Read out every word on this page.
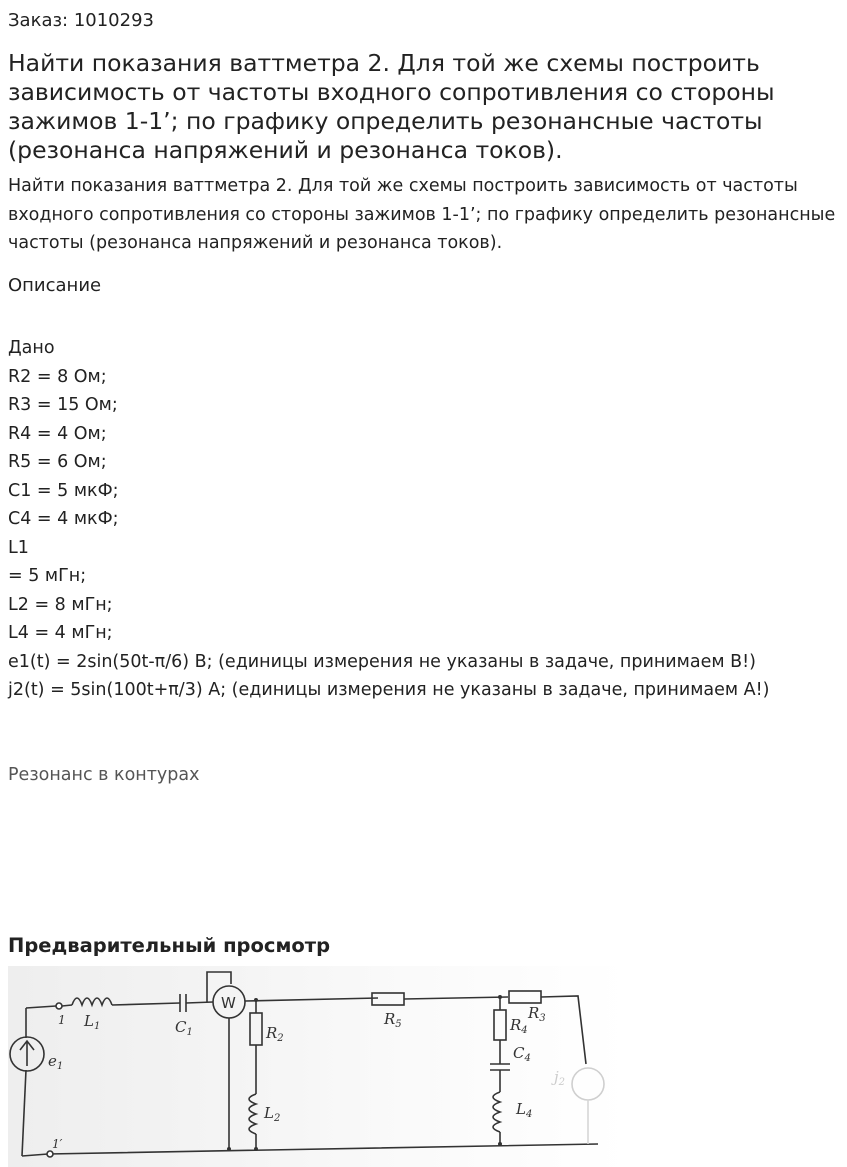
Заказ: 1010293
Найти показания ваттметра 2. Для той же схемы построить зависимость от частоты входного сопротивления со стороны зажимов 1-1’; по графику определить резонансные частоты (резонанса напряжений и резонанса токов).

Найти показания ваттметра 2. Для той же схемы построить зависимость от частоты входного сопротивления со стороны зажимов 1-1’; по графику определить резонансные частоты (резонанса напряжений и резонанса токов).

Описание
Дано
R2 = 8 Ом;
R3 = 15 Ом;
R4 = 4 Ом;
R5 = 6 Ом;
C1 = 5 мкФ;
C4 = 4 мкФ;
L1
= 5 мГн;
L2 = 8 мГн;
L4 = 4 мГн;
e1(t) = 2sin(50t-π/6) В; (единицы измерения не указаны в задаче, принимаем В!)
j2(t) = 5sin(100t+π/3) А; (единицы измерения не указаны в задаче, принимаем А!)
Резонанс в контурах
Предварительный просмотр
1
1′
$e_1$
$L_1$	$C_1$
W
$R_2$
$L_2$
$R_5$	$R_4$
$C_4$
$L_4$
$R_3$
$j_2$
